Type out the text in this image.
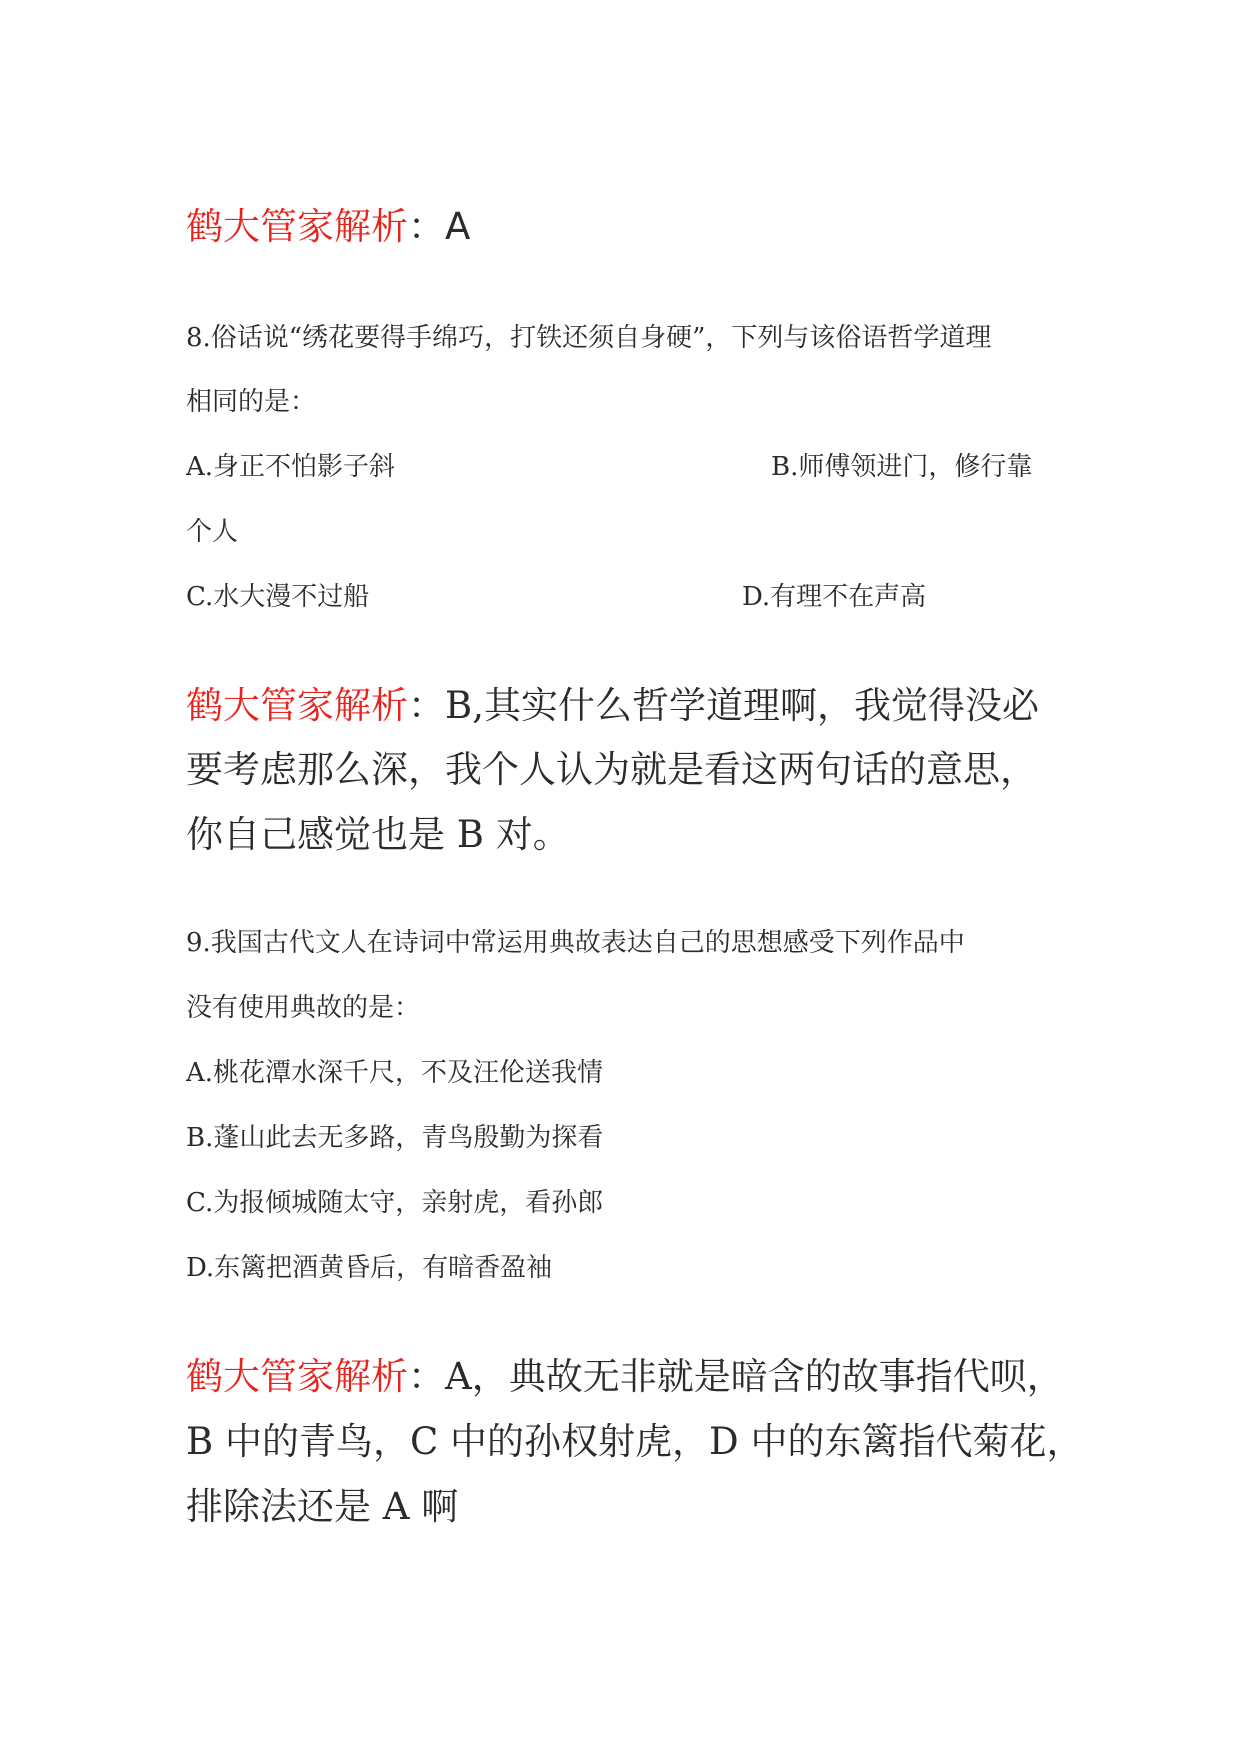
鹤大管家解析：A
8.俗话说“绣花要得手绵巧，打铁还须自身硬”，下列与该俗语哲学道理
相同的是：
A.身正不怕影子斜	B.师傅领进门，修行靠
个人
C.水大漫不过船	D.有理不在声高
鹤大管家解析：B,其实什么哲学道理啊，我觉得没必
要考虑那么深，我个人认为就是看这两句话的意思，
你自己感觉也是 B 对。
9.我国古代文人在诗词中常运用典故表达自己的思想感受下列作品中
没有使用典故的是：
A.桃花潭水深千尺，不及汪伦送我情
B.蓬山此去无多路，青鸟殷勤为探看
C.为报倾城随太守，亲射虎，看孙郎
D.东篱把酒黄昏后，有暗香盈袖
鹤大管家解析：A，典故无非就是暗含的故事指代呗，
B 中的青鸟，C 中的孙权射虎，D 中的东篱指代菊花，
排除法还是 A 啊
